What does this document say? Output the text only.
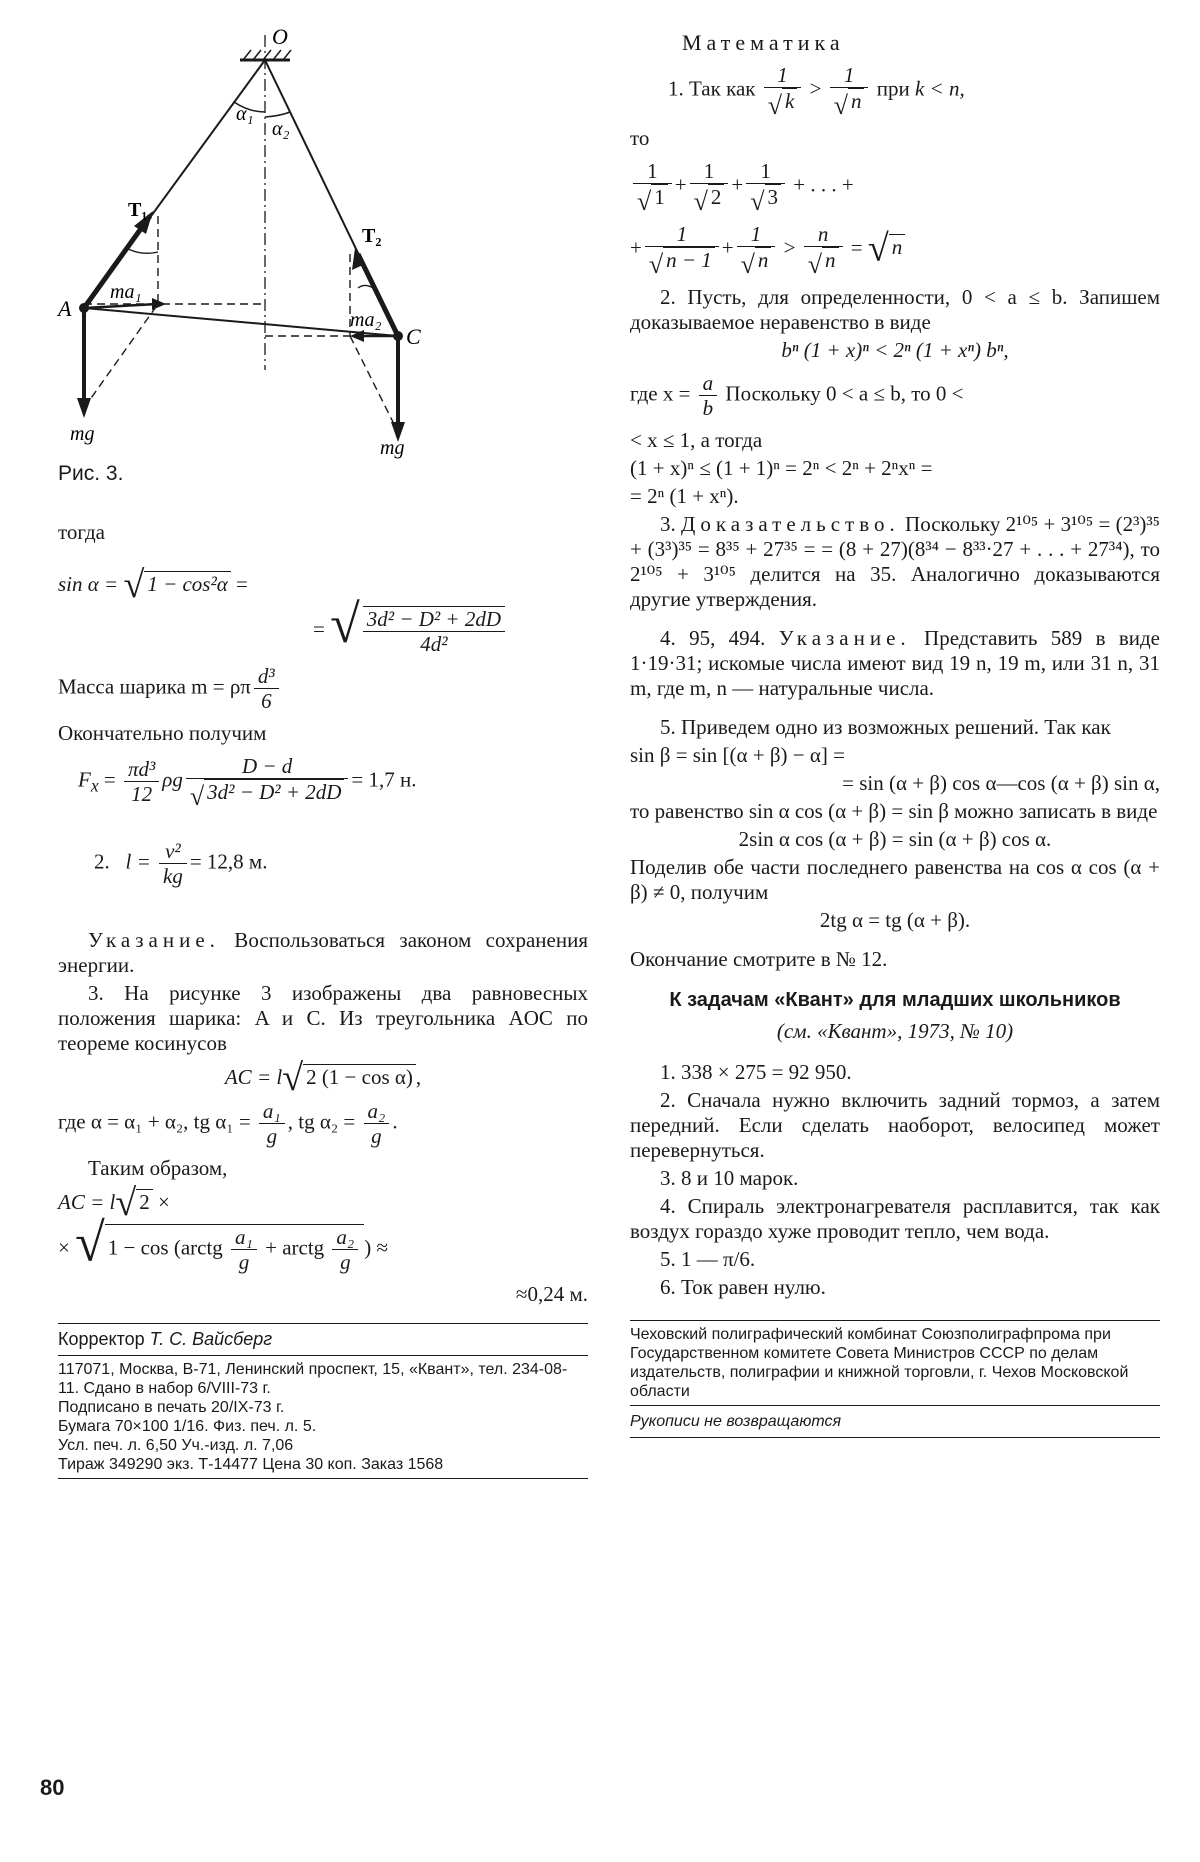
O
α₁
α₂
T₁
T₂
A
C
ma₁
ma₂
mg
mg
Рис. 3.

тогда

sin α = √ 1 − cos²α =
= √ $\frac{\text{3d² − D² + 2dD}}{\text{4d²}}$
Масса шарика m = ρπ $\frac{\text{d³}}{6}$

Окончательно получим

$F_x = \frac{\text{πd³}}{12}$ ρg $\frac{D - d}{\text{√ 3d² − D² + 2dD}} = 1,7$ н.
2. $l = \frac{\text{v²}}{kg} = 12,8$ м.

Указание. Воспользоваться законом сохранения энергии.

3. На рисунке 3 изображены два равновесных положения шарика: A и C. Из треугольника AOC по теореме косинусов

AC = l√ 2 (1 − cos α) ,
где α = α₁ + α₂, tg $\alpha_1 = \frac{\text{a₁}}{g}$ , tg $\alpha_2 = \frac{\text{a₂}}{g}$ .

Таким образом,

AC = l√ 2 ×
× √ 1 − cos (arctg $\frac{\text{a₁}}{g}$ + arctg $\frac{\text{a₂}}{g}$ ) ≈

≈0,24 м.

Корректор Т. С. Вайсберг
117071, Москва, В-71, Ленинский проспект, 15, «Квант», тел. 234-08-11. Сдано в набор 6/VIII-73 г.
Подписано в печать 20/IX-73 г.
Бумага 70×100 1/16. Физ. печ. л. 5.
Усл. печ. л. 6,50 Уч.-изд. л. 7,06
Тираж 349290 экз. Т-14477 Цена 30 коп. Заказ 1568

Математика

1. Так как $\frac{1}{√ k} > \frac{1}{√ n}$ при k < n,

то

$\frac{1}{√ 1} + \frac{1}{√ 2} + \frac{1}{√ 3}$ + . . . +
+ $\frac{1}{√ n - 1} + \frac{1}{√ n} > \frac{n}{√ n}$ = √ n

2. Пусть, для определенности, 0 < a ≤ b. Запишем доказываемое неравенство в виде

bⁿ (1 + x)ⁿ < 2ⁿ (1 + xⁿ) bⁿ,

где $x = \frac{a}{b}$ Поскольку 0 < a ≤ b, то 0 <

< x ≤ 1, а тогда

(1 + x)ⁿ ≤ (1 + 1)ⁿ = 2ⁿ < 2ⁿ + 2ⁿxⁿ =

= 2ⁿ (1 + xⁿ).

3. Доказательство. Поскольку 2¹⁰⁵ + 3¹⁰⁵ = (2³)³⁵ + (3³)³⁵ = 8³⁵ + 27³⁵ = = (8 + 27)(8³⁴ − 8³³·27 + . . . + 27³⁴), то 2¹⁰⁵ + 3¹⁰⁵ делится на 35. Аналогично доказываются другие утверждения.

4. 95, 494. Указание. Представить 589 в виде 1·19·31; искомые числа имеют вид 19 n, 19 m, или 31 n, 31 m, где m, n — натуральные числа.

5. Приведем одно из возможных решений. Так как

sin β = sin [(α + β) − α] =

= sin (α + β) cos α—cos (α + β) sin α,

то равенство sin α cos (α + β) = sin β можно записать в виде

2sin α cos (α + β) = sin (α + β) cos α.

Поделив обе части последнего равенства на cos α cos (α + β) ≠ 0, получим

2tg α = tg (α + β).

Окончание смотрите в № 12.

К задачам «Квант» для младших школьников
(см. «Квант», 1973, № 10)

1. 338 × 275 = 92 950.

2. Сначала нужно включить задний тормоз, а затем передний. Если сделать наоборот, велосипед может перевернуться.

3. 8 и 10 марок.

4. Спираль электронагревателя расплавится, так как воздух гораздо хуже проводит тепло, чем вода.

5. 1 — π/6.

6. Ток равен нулю.

Чеховский полиграфический комбинат Союзполиграфпрома при Государственном комитете Совета Министров СССР по делам издательств, полиграфии и книжной торговли, г. Чехов Московской области
Рукописи не возвращаются
80
